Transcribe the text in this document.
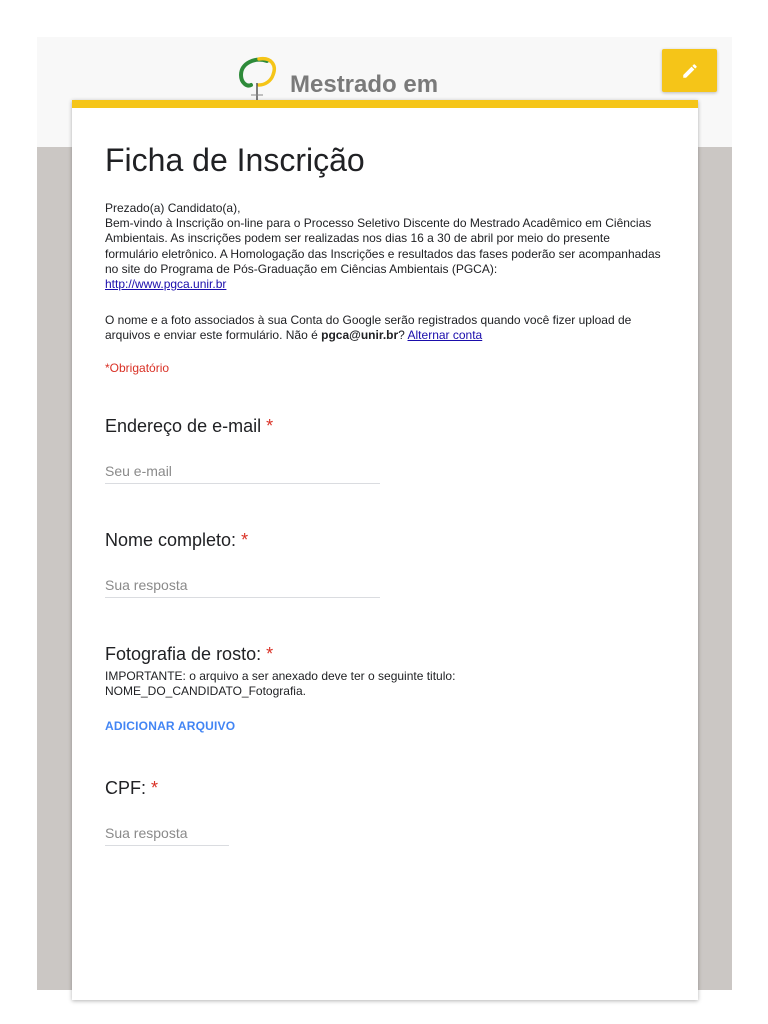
Mestrado em
Ficha de Inscrição
Prezado(a) Candidato(a),
Bem-vindo à Inscrição on-line para o Processo Seletivo Discente do Mestrado Acadêmico em Ciências Ambientais. As inscrições podem ser realizadas nos dias 16 a 30 de abril por meio do presente formulário eletrônico. A Homologação das Inscrições e resultados das fases poderão ser acompanhadas no site do Programa de Pós-Graduação em Ciências Ambientais (PGCA):
http://www.pgca.unir.br
O nome e a foto associados à sua Conta do Google serão registrados quando você fizer upload de arquivos e enviar este formulário. Não é pgca@unir.br? Alternar conta
*Obrigatório
Endereço de e-mail *
Seu e-mail
Nome completo: *
Sua resposta
Fotografia de rosto: *
IMPORTANTE: o arquivo a ser anexado deve ter o seguinte titulo:
NOME_DO_CANDIDATO_Fotografia.
ADICIONAR ARQUIVO
CPF: *
Sua resposta
